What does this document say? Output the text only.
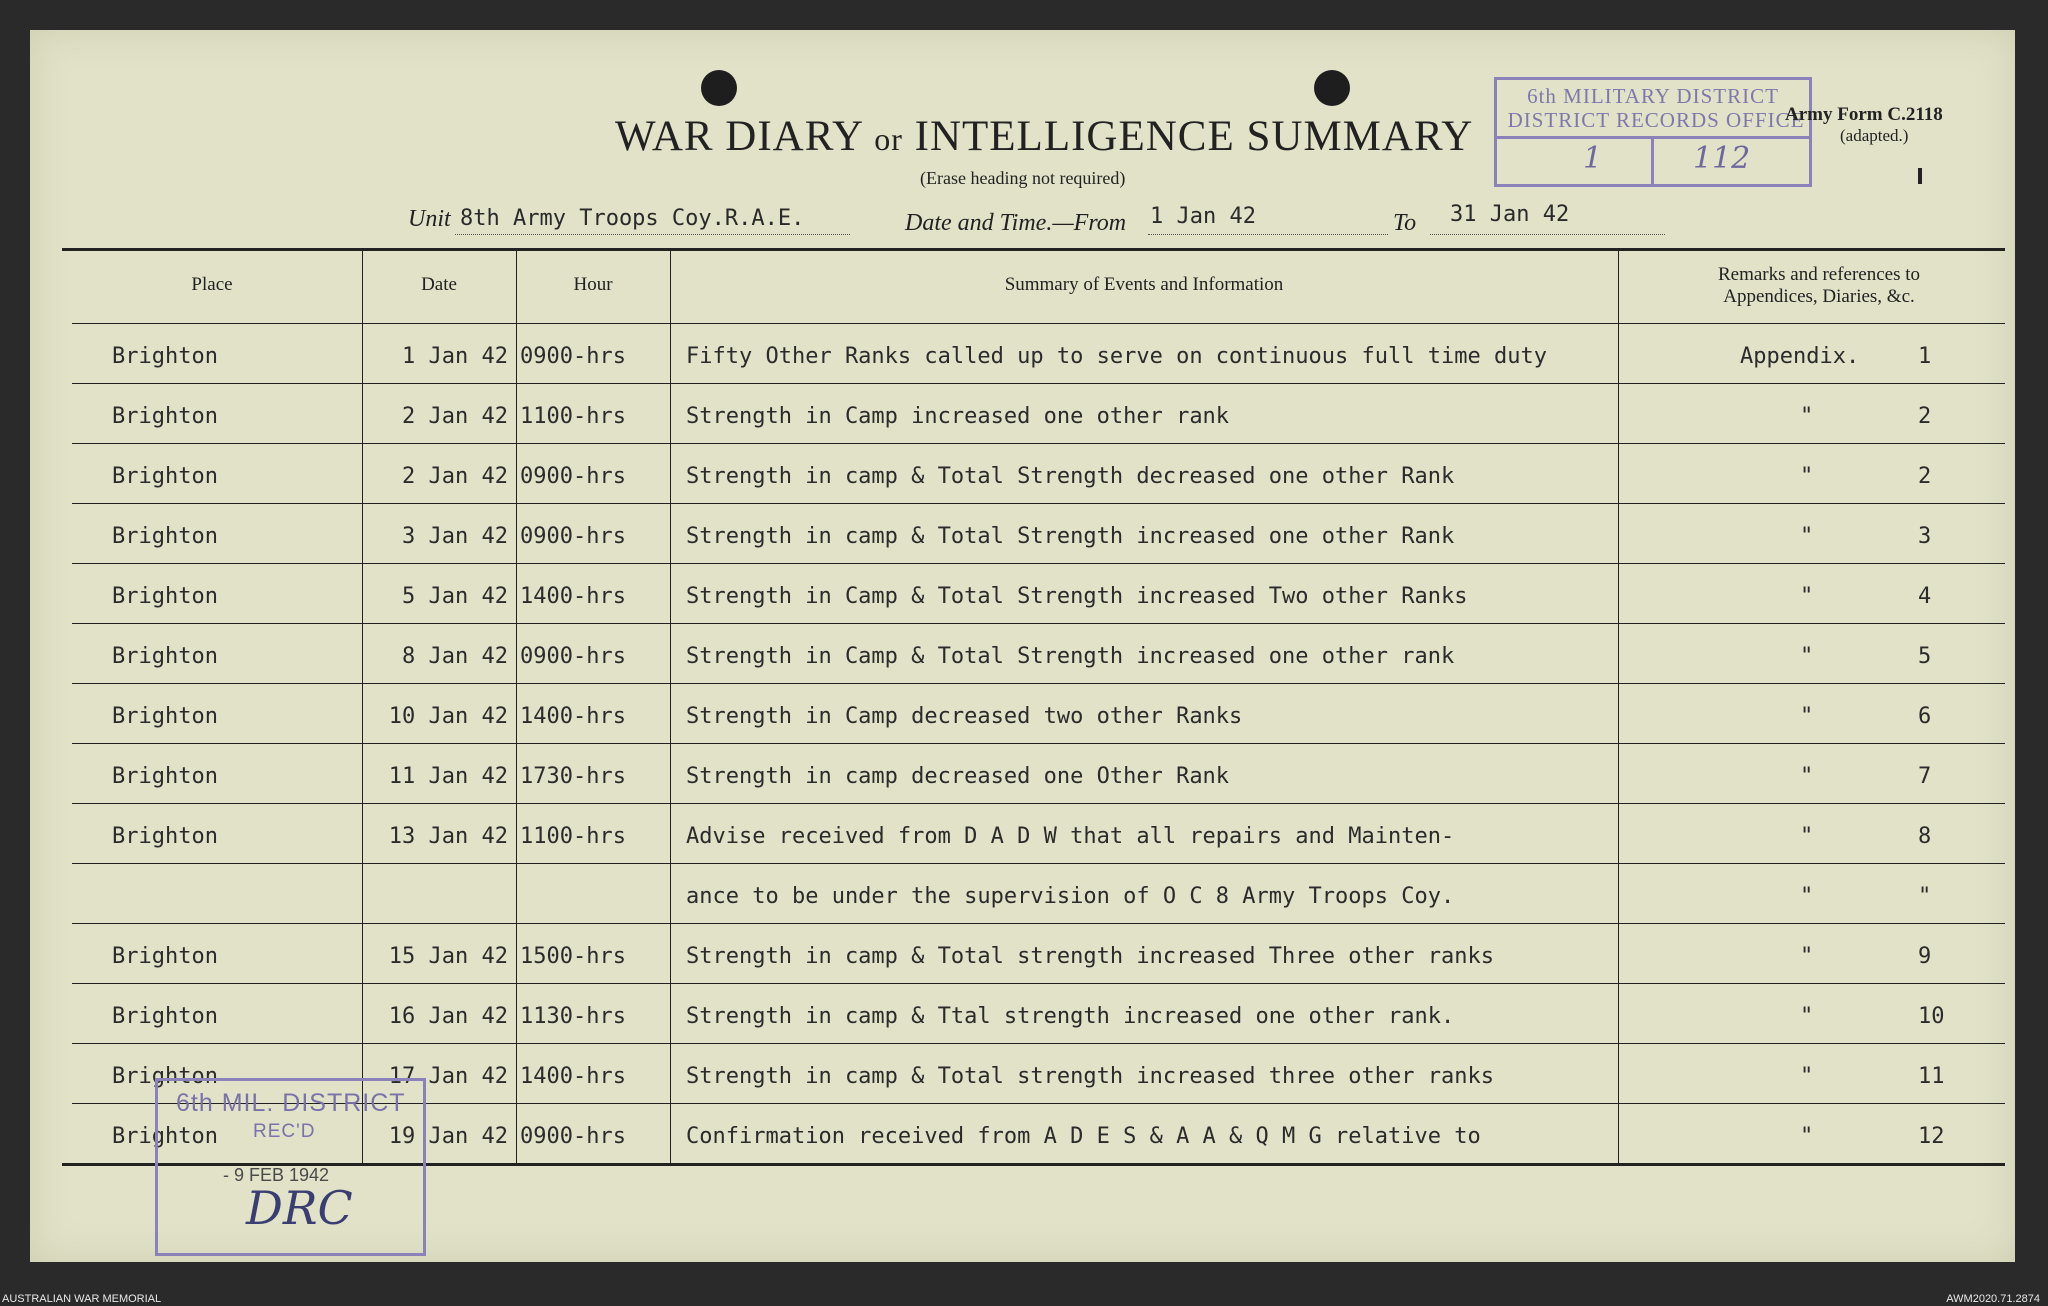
WAR DIARY or INTELLIGENCE SUMMARY
(Erase heading not required)
6th MILITARY DISTRICT
DISTRICT RECORDS OFFICE
1	112
Army Form C.2118
(adapted.)
Unit 8th Army Troops Coy.R.A.E.	Date and Time.—From 1 Jan 42	To 31 Jan 42
Place	Date	Hour	Summary of Events and Information	Remarks and references to
Appendices, Diaries, &c.
Brighton	1 Jan 42 0900-hrs	Fifty Other Ranks called up to serve on continuous full time duty	Appendix.	1
Brighton	2 Jan 42 1100-hrs	Strength in Camp increased one other rank	"	2
Brighton	2 Jan 42 0900-hrs	Strength in camp & Total Strength decreased one other Rank	"	2
Brighton	3 Jan 42 0900-hrs	Strength in camp & Total Strength increased one other Rank	"	3
Brighton	5 Jan 42 1400-hrs	Strength in Camp & Total Strength increased Two other Ranks	"	4
Brighton	8 Jan 42 0900-hrs	Strength in Camp & Total Strength increased one other rank	"	5
Brighton	10 Jan 42 1400-hrs	Strength in Camp decreased two other Ranks	"	6
Brighton	11 Jan 42 1730-hrs	Strength in camp decreased one Other Rank	"	7
Brighton	13 Jan 42 1100-hrs	Advise received from D A D W that all repairs and Mainten-	"	8
ance to be under the supervision of O C 8 Army Troops Coy.	"	"
Brighton	15 Jan 42 1500-hrs	Strength in camp & Total strength increased Three other ranks	"	9
Brighton	16 Jan 42 1130-hrs	Strength in camp & Ttal strength increased one other rank.	"	10
Brighton	17 Jan 42 1400-hrs	Strength in camp & Total strength increased three other ranks	"	11
Brighton	19 Jan 42 0900-hrs	Confirmation received from A D E S & A A & Q M G relative to	"	12
6th MIL. DISTRICT
REC'D
- 9 FEB 1942
DRC
AUSTRALIAN WAR MEMORIAL	AWM2020.71.2874
